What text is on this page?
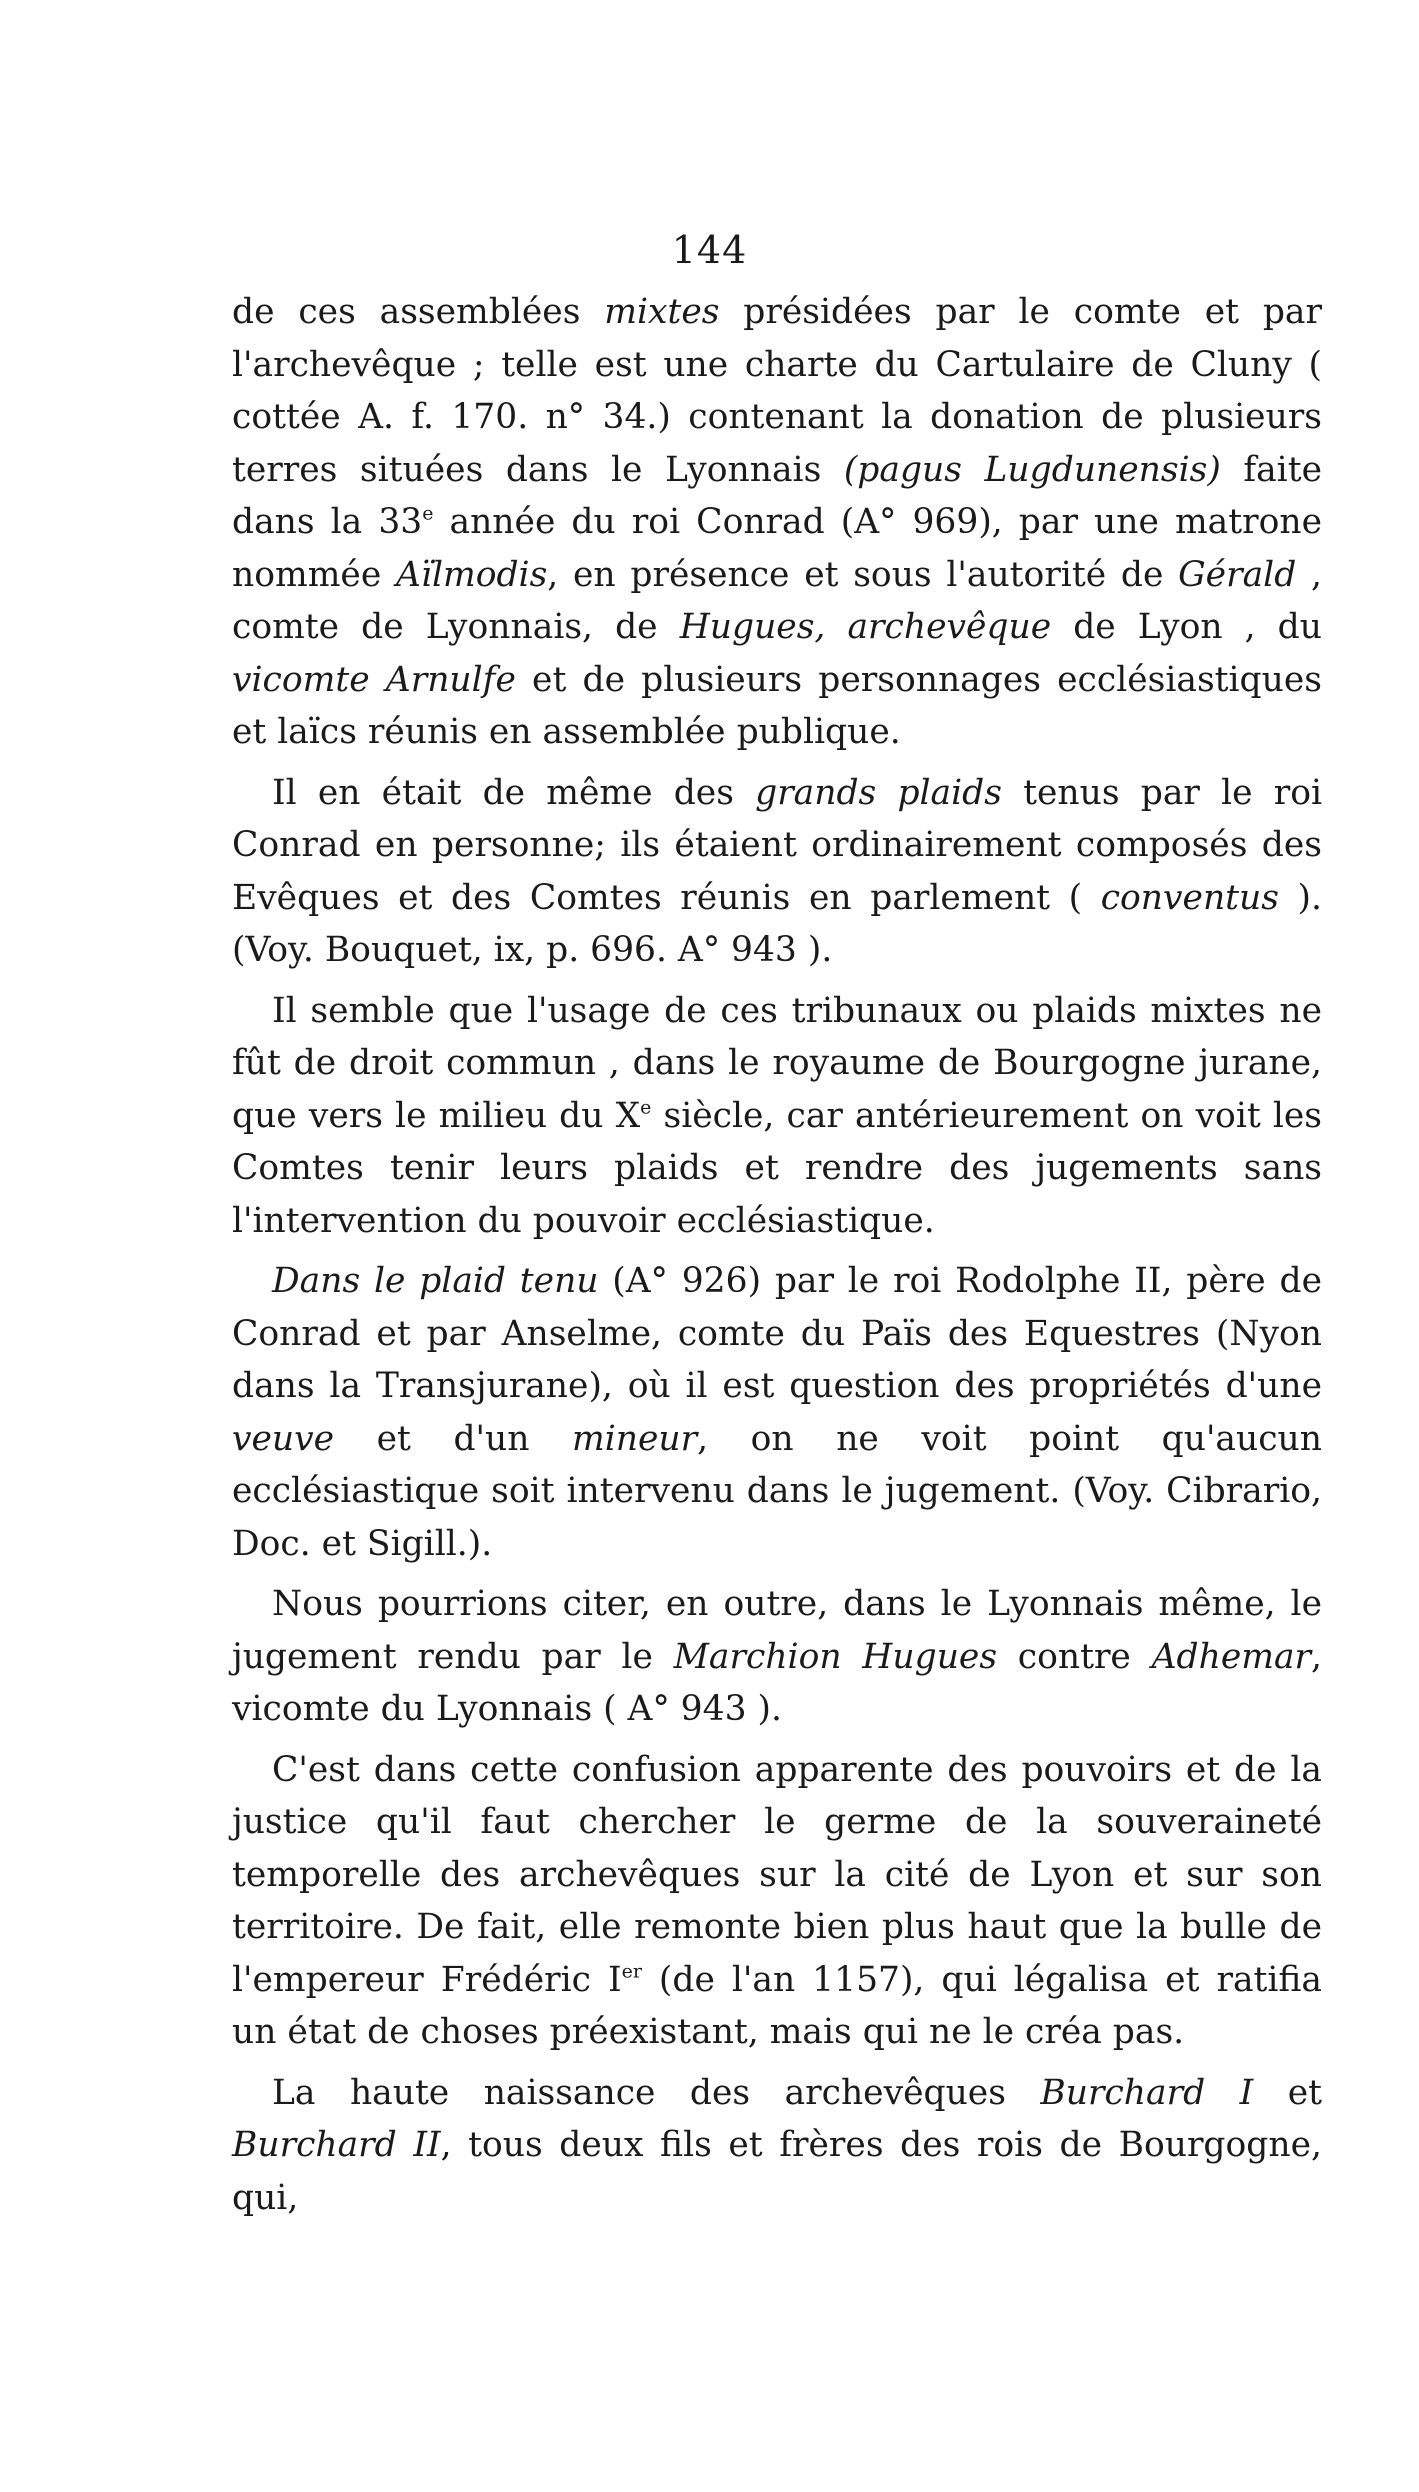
144

de ces assemblées mixtes présidées par le comte et par l'archevêque ; telle est une charte du Cartulaire de Cluny ( cottée A. f. 170. n° 34.) contenant la donation de plusieurs terres situées dans le Lyonnais (pagus Lugdunensis) faite dans la 33e année du roi Conrad (A° 969), par une matrone nommée Aïlmodis, en présence et sous l'autorité de Gérald , comte de Lyonnais, de Hugues, archevêque de Lyon , du vicomte Arnulfe et de plusieurs personnages ecclésiastiques et laïcs réunis en assemblée publique.

Il en était de même des grands plaids tenus par le roi Conrad en personne; ils étaient ordinairement composés des Evêques et des Comtes réunis en parlement ( conventus ). (Voy. Bouquet, ix, p. 696. A° 943 ).

Il semble que l'usage de ces tribunaux ou plaids mixtes ne fût de droit commun , dans le royaume de Bourgogne jurane, que vers le milieu du Xe siècle, car antérieurement on voit les Comtes tenir leurs plaids et rendre des jugements sans l'intervention du pouvoir ecclésiastique.

Dans le plaid tenu (A° 926) par le roi Rodolphe II, père de Conrad et par Anselme, comte du Païs des Equestres (Nyon dans la Transjurane), où il est question des propriétés d'une veuve et d'un mineur, on ne voit point qu'aucun ecclésiastique soit intervenu dans le jugement. (Voy. Cibrario, Doc. et Sigill.).

Nous pourrions citer, en outre, dans le Lyonnais même, le jugement rendu par le Marchion Hugues contre Adhemar, vicomte du Lyonnais ( A° 943 ).

C'est dans cette confusion apparente des pouvoirs et de la justice qu'il faut chercher le germe de la souveraineté temporelle des archevêques sur la cité de Lyon et sur son territoire. De fait, elle remonte bien plus haut que la bulle de l'empereur Frédéric Ier (de l'an 1157), qui légalisa et ratifia un état de choses préexistant, mais qui ne le créa pas.

La haute naissance des archevêques Burchard I et Burchard II, tous deux fils et frères des rois de Bourgogne, qui,
